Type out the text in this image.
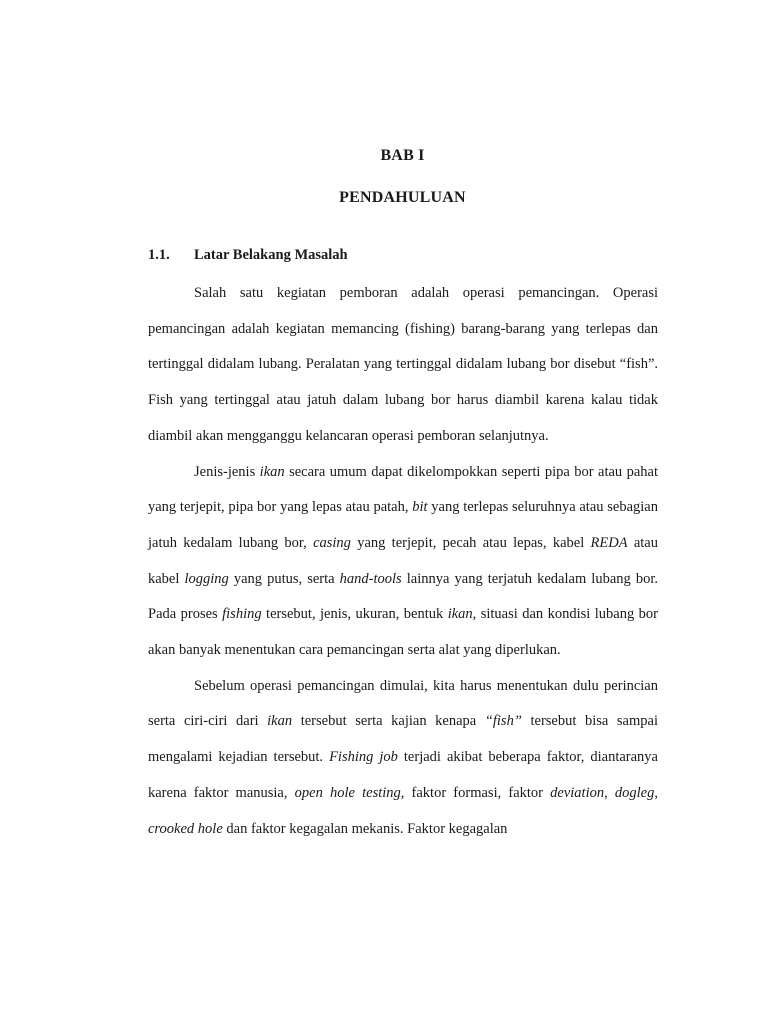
BAB I
PENDAHULUAN
1.1. Latar Belakang Masalah

Salah satu kegiatan pemboran adalah operasi pemancingan. Operasi pemancingan adalah kegiatan memancing (fishing) barang-barang yang terlepas dan tertinggal didalam lubang. Peralatan yang tertinggal didalam lubang bor disebut “fish”. Fish yang tertinggal atau jatuh dalam lubang bor harus diambil karena kalau tidak diambil akan mengganggu kelancaran operasi pemboran selanjutnya.

Jenis-jenis ikan secara umum dapat dikelompokkan seperti pipa bor atau pahat yang terjepit, pipa bor yang lepas atau patah, bit yang terlepas seluruhnya atau sebagian jatuh kedalam lubang bor, casing yang terjepit, pecah atau lepas, kabel REDA atau kabel logging yang putus, serta hand-tools lainnya yang terjatuh kedalam lubang bor. Pada proses fishing tersebut, jenis, ukuran, bentuk ikan, situasi dan kondisi lubang bor akan banyak menentukan cara pemancingan serta alat yang diperlukan.

Sebelum operasi pemancingan dimulai, kita harus menentukan dulu perincian serta ciri-ciri dari ikan tersebut serta kajian kenapa “fish” tersebut bisa sampai mengalami kejadian tersebut. Fishing job terjadi akibat beberapa faktor, diantaranya karena faktor manusia, open hole testing, faktor formasi, faktor deviation, dogleg, crooked hole dan faktor kegagalan mekanis. Faktor kegagalan
